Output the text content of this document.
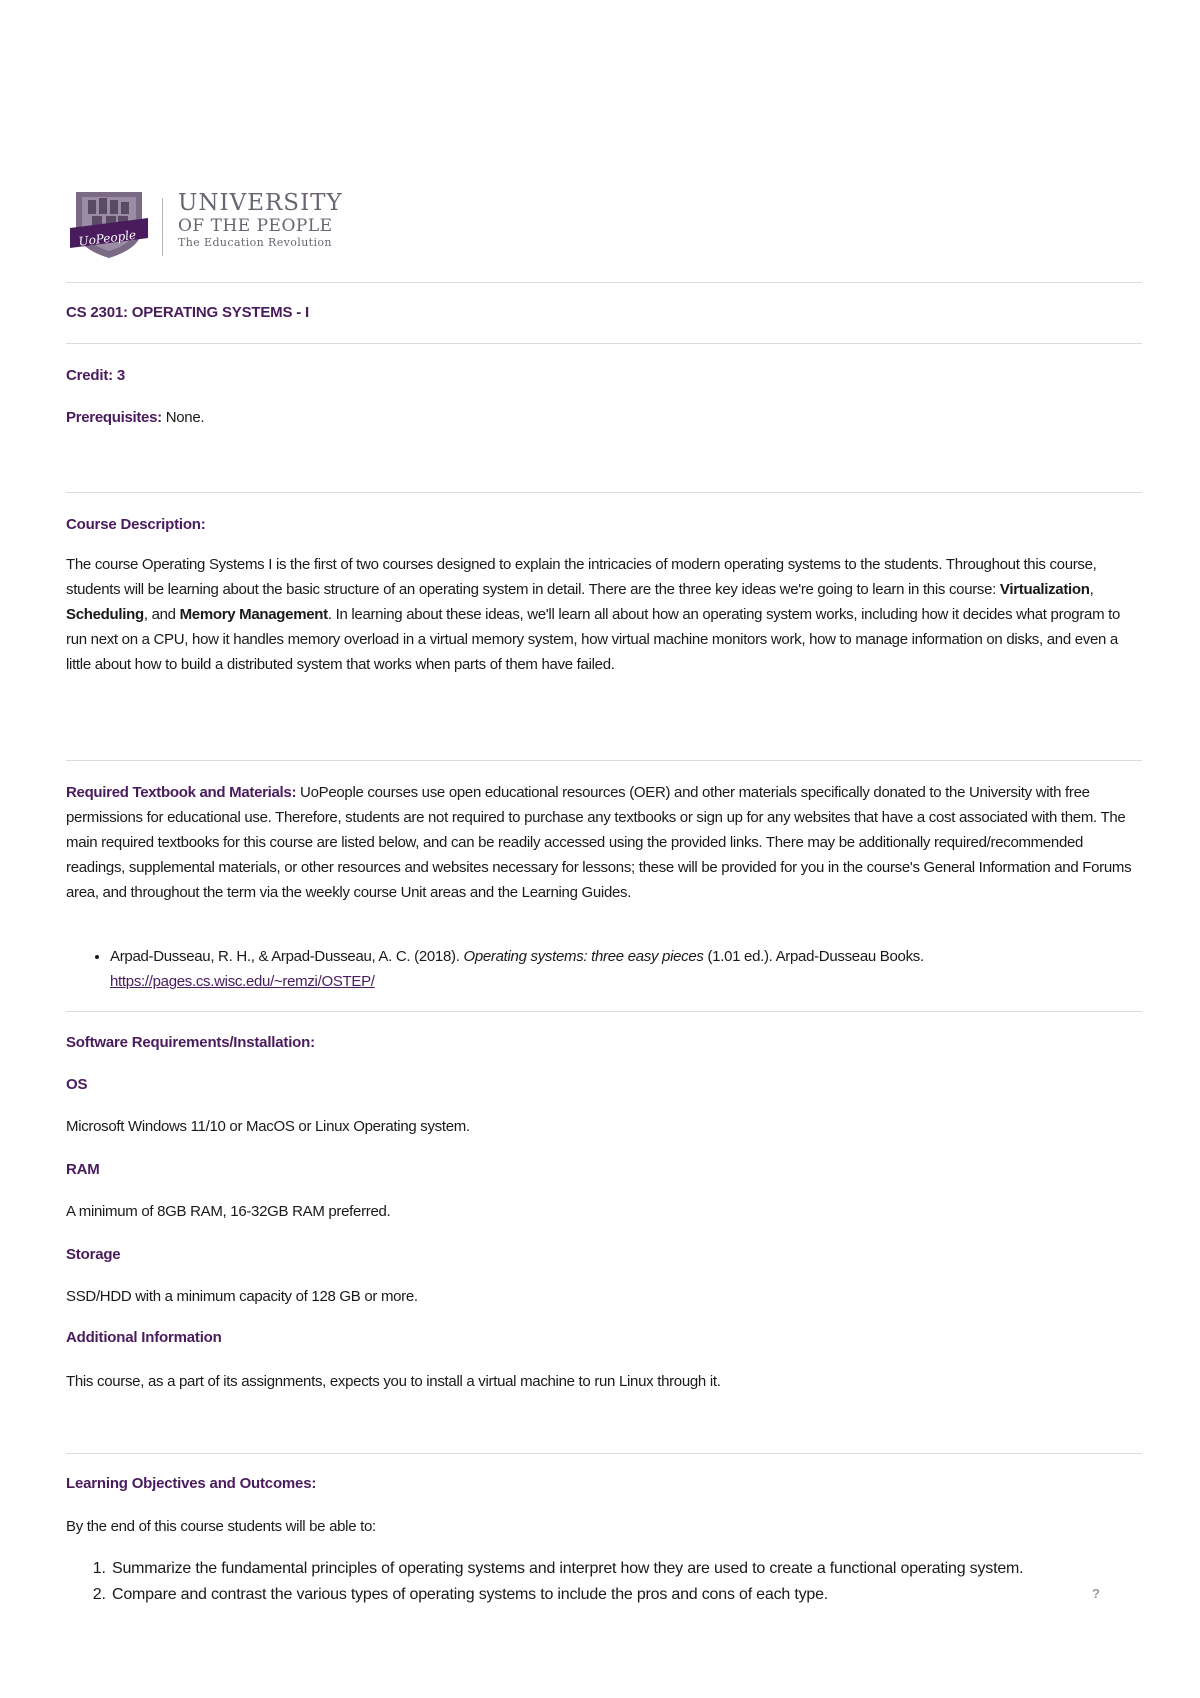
UoPeople
UNIVERSITY
OF THE PEOPLE
The Education Revolution
CS 2301: OPERATING SYSTEMS - I
Credit: 3
Prerequisites: None.
Course Description:
The course Operating Systems I is the first of two courses designed to explain the intricacies of modern operating systems to the students. Throughout this course, students will be learning about the basic structure of an operating system in detail. There are the three key ideas we're going to learn in this course: Virtualization, Scheduling, and Memory Management. In learning about these ideas, we'll learn all about how an operating system works, including how it decides what program to run next on a CPU, how it handles memory overload in a virtual memory system, how virtual machine monitors work, how to manage information on disks, and even a little about how to build a distributed system that works when parts of them have failed.
Required Textbook and Materials: UoPeople courses use open educational resources (OER) and other materials specifically donated to the University with free permissions for educational use. Therefore, students are not required to purchase any textbooks or sign up for any websites that have a cost associated with them. The main required textbooks for this course are listed below, and can be readily accessed using the provided links. There may be additionally required/recommended readings, supplemental materials, or other resources and websites necessary for lessons; these will be provided for you in the course's General Information and Forums area, and throughout the term via the weekly course Unit areas and the Learning Guides.
• Arpad-Dusseau, R. H., & Arpad-Dusseau, A. C. (2018). Operating systems: three easy pieces (1.01 ed.). Arpad-Dusseau Books. https://pages.cs.wisc.edu/~remzi/OSTEP/
Software Requirements/Installation:
OS
Microsoft Windows 11/10 or MacOS or Linux Operating system.
RAM
A minimum of 8GB RAM, 16-32GB RAM preferred.
Storage
SSD/HDD with a minimum capacity of 128 GB or more.
Additional Information
This course, as a part of its assignments, expects you to install a virtual machine to run Linux through it.
Learning Objectives and Outcomes:
By the end of this course students will be able to:
1. Summarize the fundamental principles of operating systems and interpret how they are used to create a functional operating system.
2. Compare and contrast the various types of operating systems to include the pros and cons of each type.	?
